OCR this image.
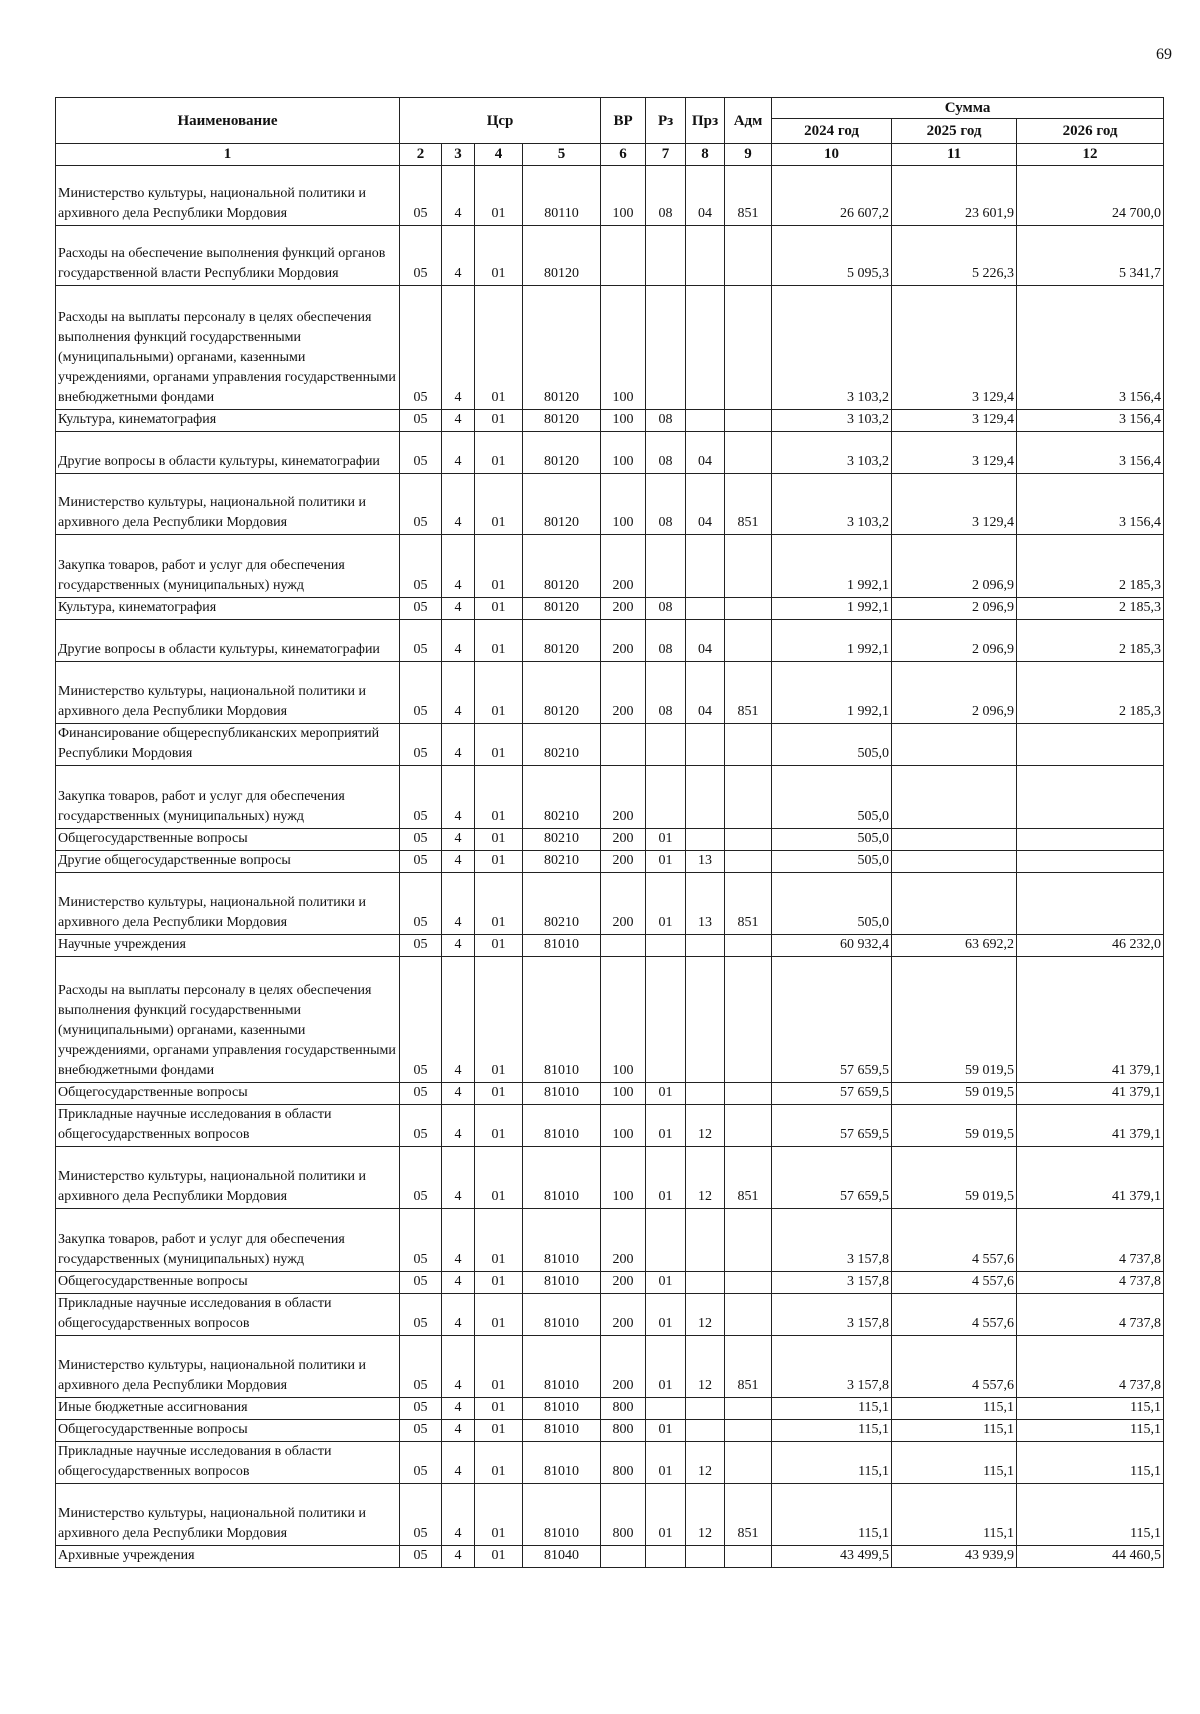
69
Наименование	Цср				ВР	Рз	Прз	Адм	Сумма		
									2024 год	2025 год	2026 год
1	2	3	4	5	6	7	8	9	10	11	12
Министерство культуры, национальной политики и архивного дела Республики Мордовия	05	4	01	80110	100	08	04	851	26 607,2	23 601,9	24 700,0
Расходы на обеспечение выполнения функций органов государственной власти Республики Мордовия	05	4	01	80120					5 095,3	5 226,3	5 341,7
Расходы на выплаты персоналу в целях обеспечения выполнения функций государственными (муниципальными) органами, казенными учреждениями, органами управления государственными внебюджетными фондами	05	4	01	80120	100				3 103,2	3 129,4	3 156,4
Культура, кинематография	05	4	01	80120	100	08			3 103,2	3 129,4	3 156,4
Другие вопросы в области культуры, кинематографии	05	4	01	80120	100	08	04		3 103,2	3 129,4	3 156,4
Министерство культуры, национальной политики и архивного дела Республики Мордовия	05	4	01	80120	100	08	04	851	3 103,2	3 129,4	3 156,4
Закупка товаров, работ и услуг для обеспечения государственных (муниципальных) нужд	05	4	01	80120	200				1 992,1	2 096,9	2 185,3
Культура, кинематография	05	4	01	80120	200	08			1 992,1	2 096,9	2 185,3
Другие вопросы в области культуры, кинематографии	05	4	01	80120	200	08	04		1 992,1	2 096,9	2 185,3
Министерство культуры, национальной политики и архивного дела Республики Мордовия	05	4	01	80120	200	08	04	851	1 992,1	2 096,9	2 185,3
Финансирование общереспубликанских мероприятий Республики Мордовия	05	4	01	80210					505,0		
Закупка товаров, работ и услуг для обеспечения государственных (муниципальных) нужд	05	4	01	80210	200				505,0		
Общегосударственные вопросы	05	4	01	80210	200	01			505,0		
Другие общегосударственные вопросы	05	4	01	80210	200	01	13		505,0		
Министерство культуры, национальной политики и архивного дела Республики Мордовия	05	4	01	80210	200	01	13	851	505,0		
Научные учреждения	05	4	01	81010					60 932,4	63 692,2	46 232,0
Расходы на выплаты персоналу в целях обеспечения выполнения функций государственными (муниципальными) органами, казенными учреждениями, органами управления государственными внебюджетными фондами	05	4	01	81010	100				57 659,5	59 019,5	41 379,1
Общегосударственные вопросы	05	4	01	81010	100	01			57 659,5	59 019,5	41 379,1
Прикладные научные исследования в области общегосударственных вопросов	05	4	01	81010	100	01	12		57 659,5	59 019,5	41 379,1
Министерство культуры, национальной политики и архивного дела Республики Мордовия	05	4	01	81010	100	01	12	851	57 659,5	59 019,5	41 379,1
Закупка товаров, работ и услуг для обеспечения государственных (муниципальных) нужд	05	4	01	81010	200				3 157,8	4 557,6	4 737,8
Общегосударственные вопросы	05	4	01	81010	200	01			3 157,8	4 557,6	4 737,8
Прикладные научные исследования в области общегосударственных вопросов	05	4	01	81010	200	01	12		3 157,8	4 557,6	4 737,8
Министерство культуры, национальной политики и архивного дела Республики Мордовия	05	4	01	81010	200	01	12	851	3 157,8	4 557,6	4 737,8
Иные бюджетные ассигнования	05	4	01	81010	800				115,1	115,1	115,1
Общегосударственные вопросы	05	4	01	81010	800	01			115,1	115,1	115,1
Прикладные научные исследования в области общегосударственных вопросов	05	4	01	81010	800	01	12		115,1	115,1	115,1
Министерство культуры, национальной политики и архивного дела Республики Мордовия	05	4	01	81010	800	01	12	851	115,1	115,1	115,1
Архивные учреждения	05	4	01	81040					43 499,5	43 939,9	44 460,5
